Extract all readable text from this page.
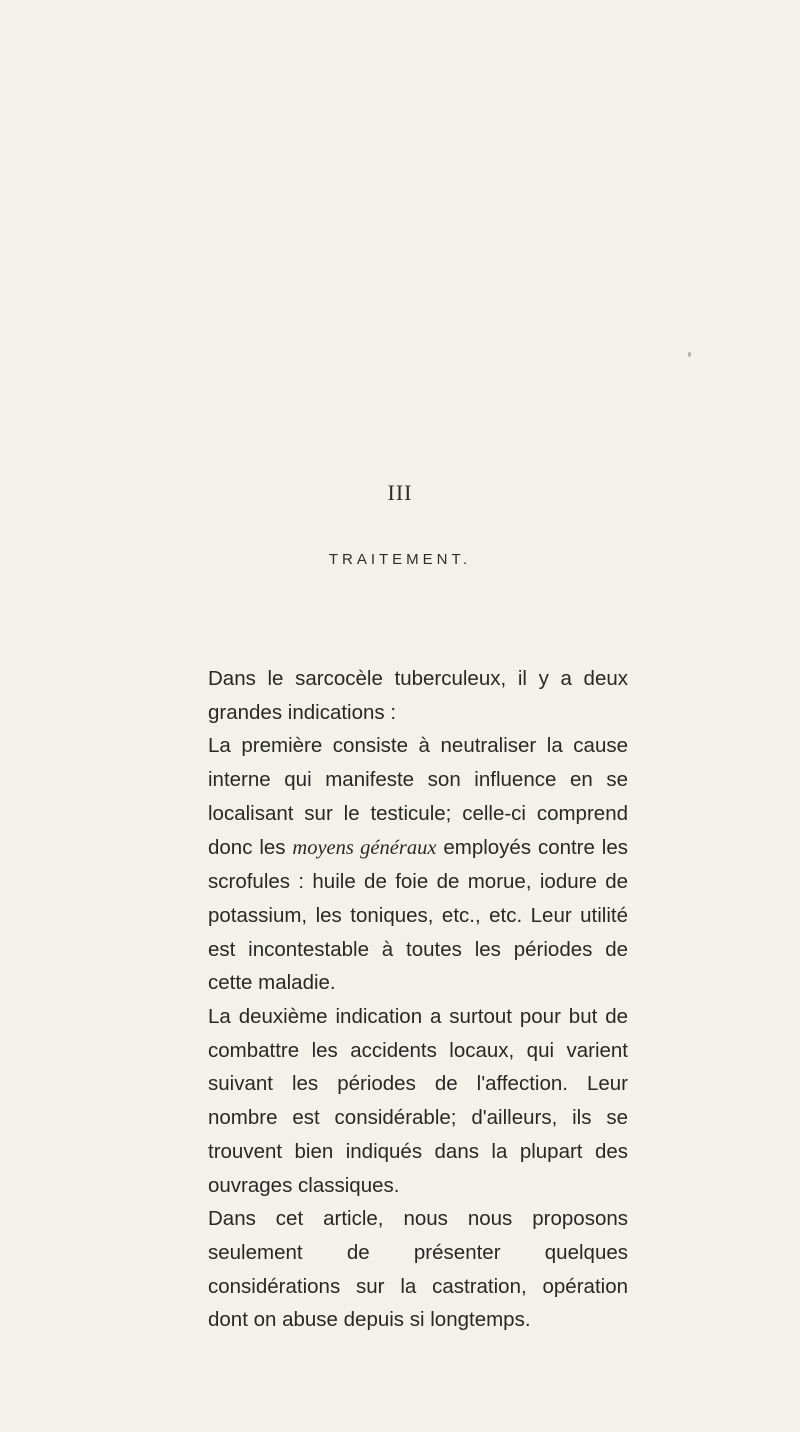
III
TRAITEMENT.

Dans le sarcocèle tuberculeux, il y a deux grandes indications :

La première consiste à neutraliser la cause interne qui manifeste son influence en se localisant sur le testicule; celle-ci comprend donc les moyens généraux employés contre les scrofules : huile de foie de morue, iodure de potassium, les toniques, etc., etc. Leur utilité est incontestable à toutes les périodes de cette maladie.

La deuxième indication a surtout pour but de combattre les accidents locaux, qui varient suivant les périodes de l'affection. Leur nombre est considérable; d'ailleurs, ils se trouvent bien indiqués dans la plupart des ouvrages classiques.

Dans cet article, nous nous proposons seulement de présenter quelques considérations sur la castration, opération dont on abuse depuis si longtemps.
